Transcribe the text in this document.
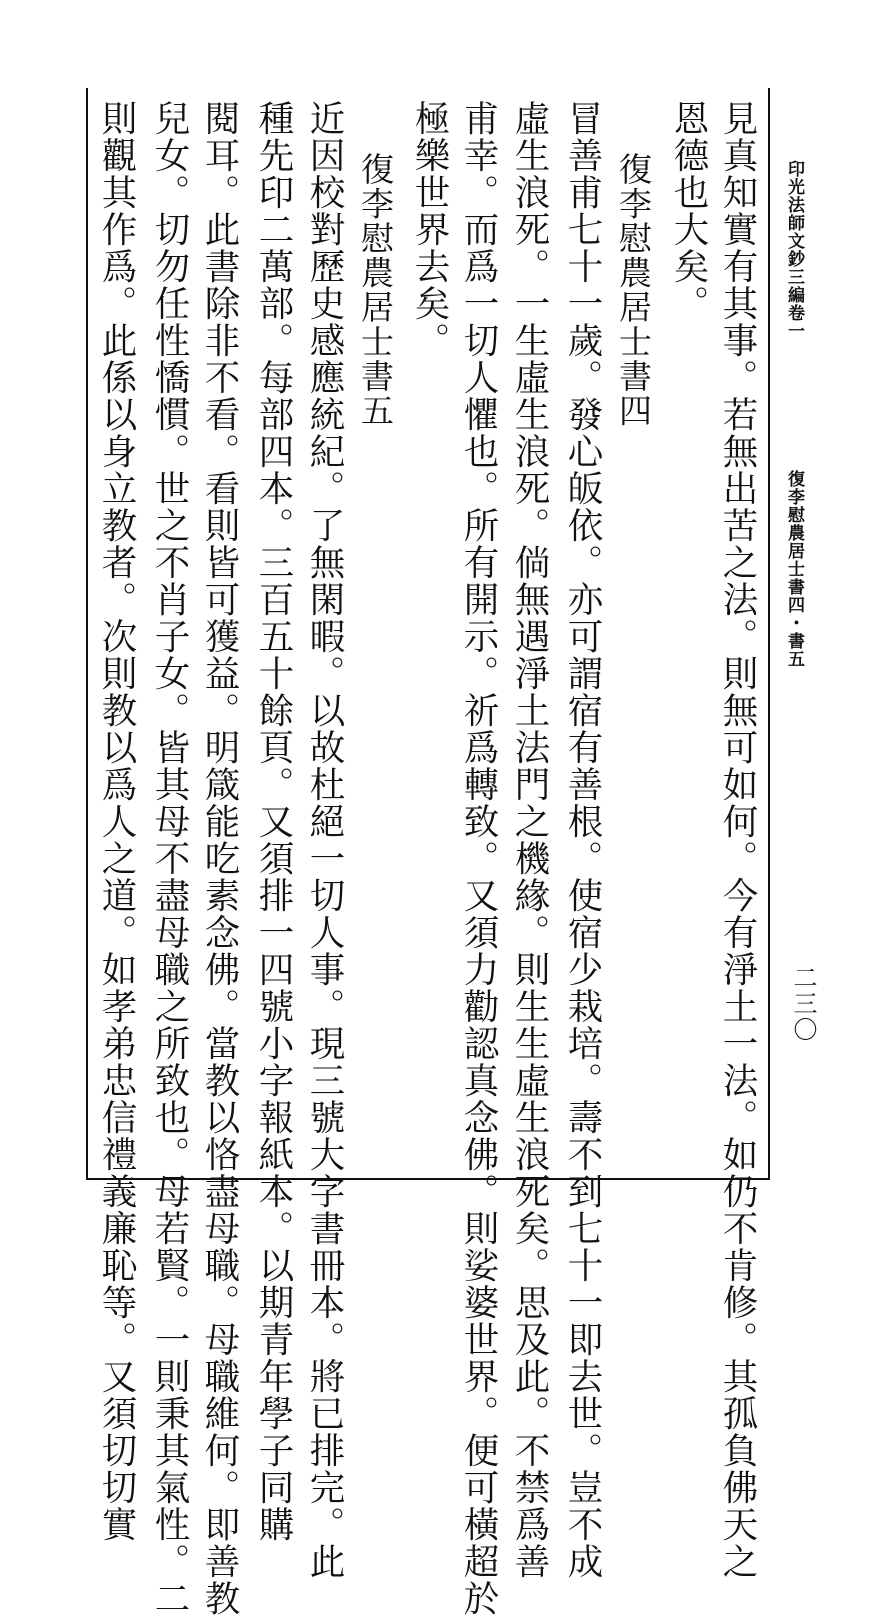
印光法師文鈔三編卷一
復李慰農居士書四・書五
二三〇
見真知實有其事。若無出苦之法。則無可如何。今有淨土一法。如仍不肯修。其孤負佛天之
恩德也大矣。
復李慰農居士書四
冒善甫七十一歲。發心皈依。亦可謂宿有善根。使宿少栽培。壽不到七十一即去世。豈不成
虛生浪死。一生虛生浪死。倘無遇淨土法門之機緣。則生生虛生浪死矣。思及此。不禁爲善
甫幸。而爲一切人懼也。所有開示。祈爲轉致。又須力勸認真念佛。則娑婆世界。便可橫超於
極樂世界去矣。
復李慰農居士書五
近因校對歷史感應統紀。了無閑暇。以故杜絕一切人事。現三號大字書冊本。將已排完。此
種先印二萬部。每部四本。三百五十餘頁。又須排一四號小字報紙本。以期青年學子同購
閱耳。此書除非不看。看則皆可獲益。明箴能吃素念佛。當教以恪盡母職。母職維何。即善教
兒女。切勿任性憍慣。世之不肖子女。皆其母不盡母職之所致也。母若賢。一則秉其氣性。二
則觀其作爲。此係以身立教者。次則教以爲人之道。如孝弟忠信禮義廉恥等。又須切切實
